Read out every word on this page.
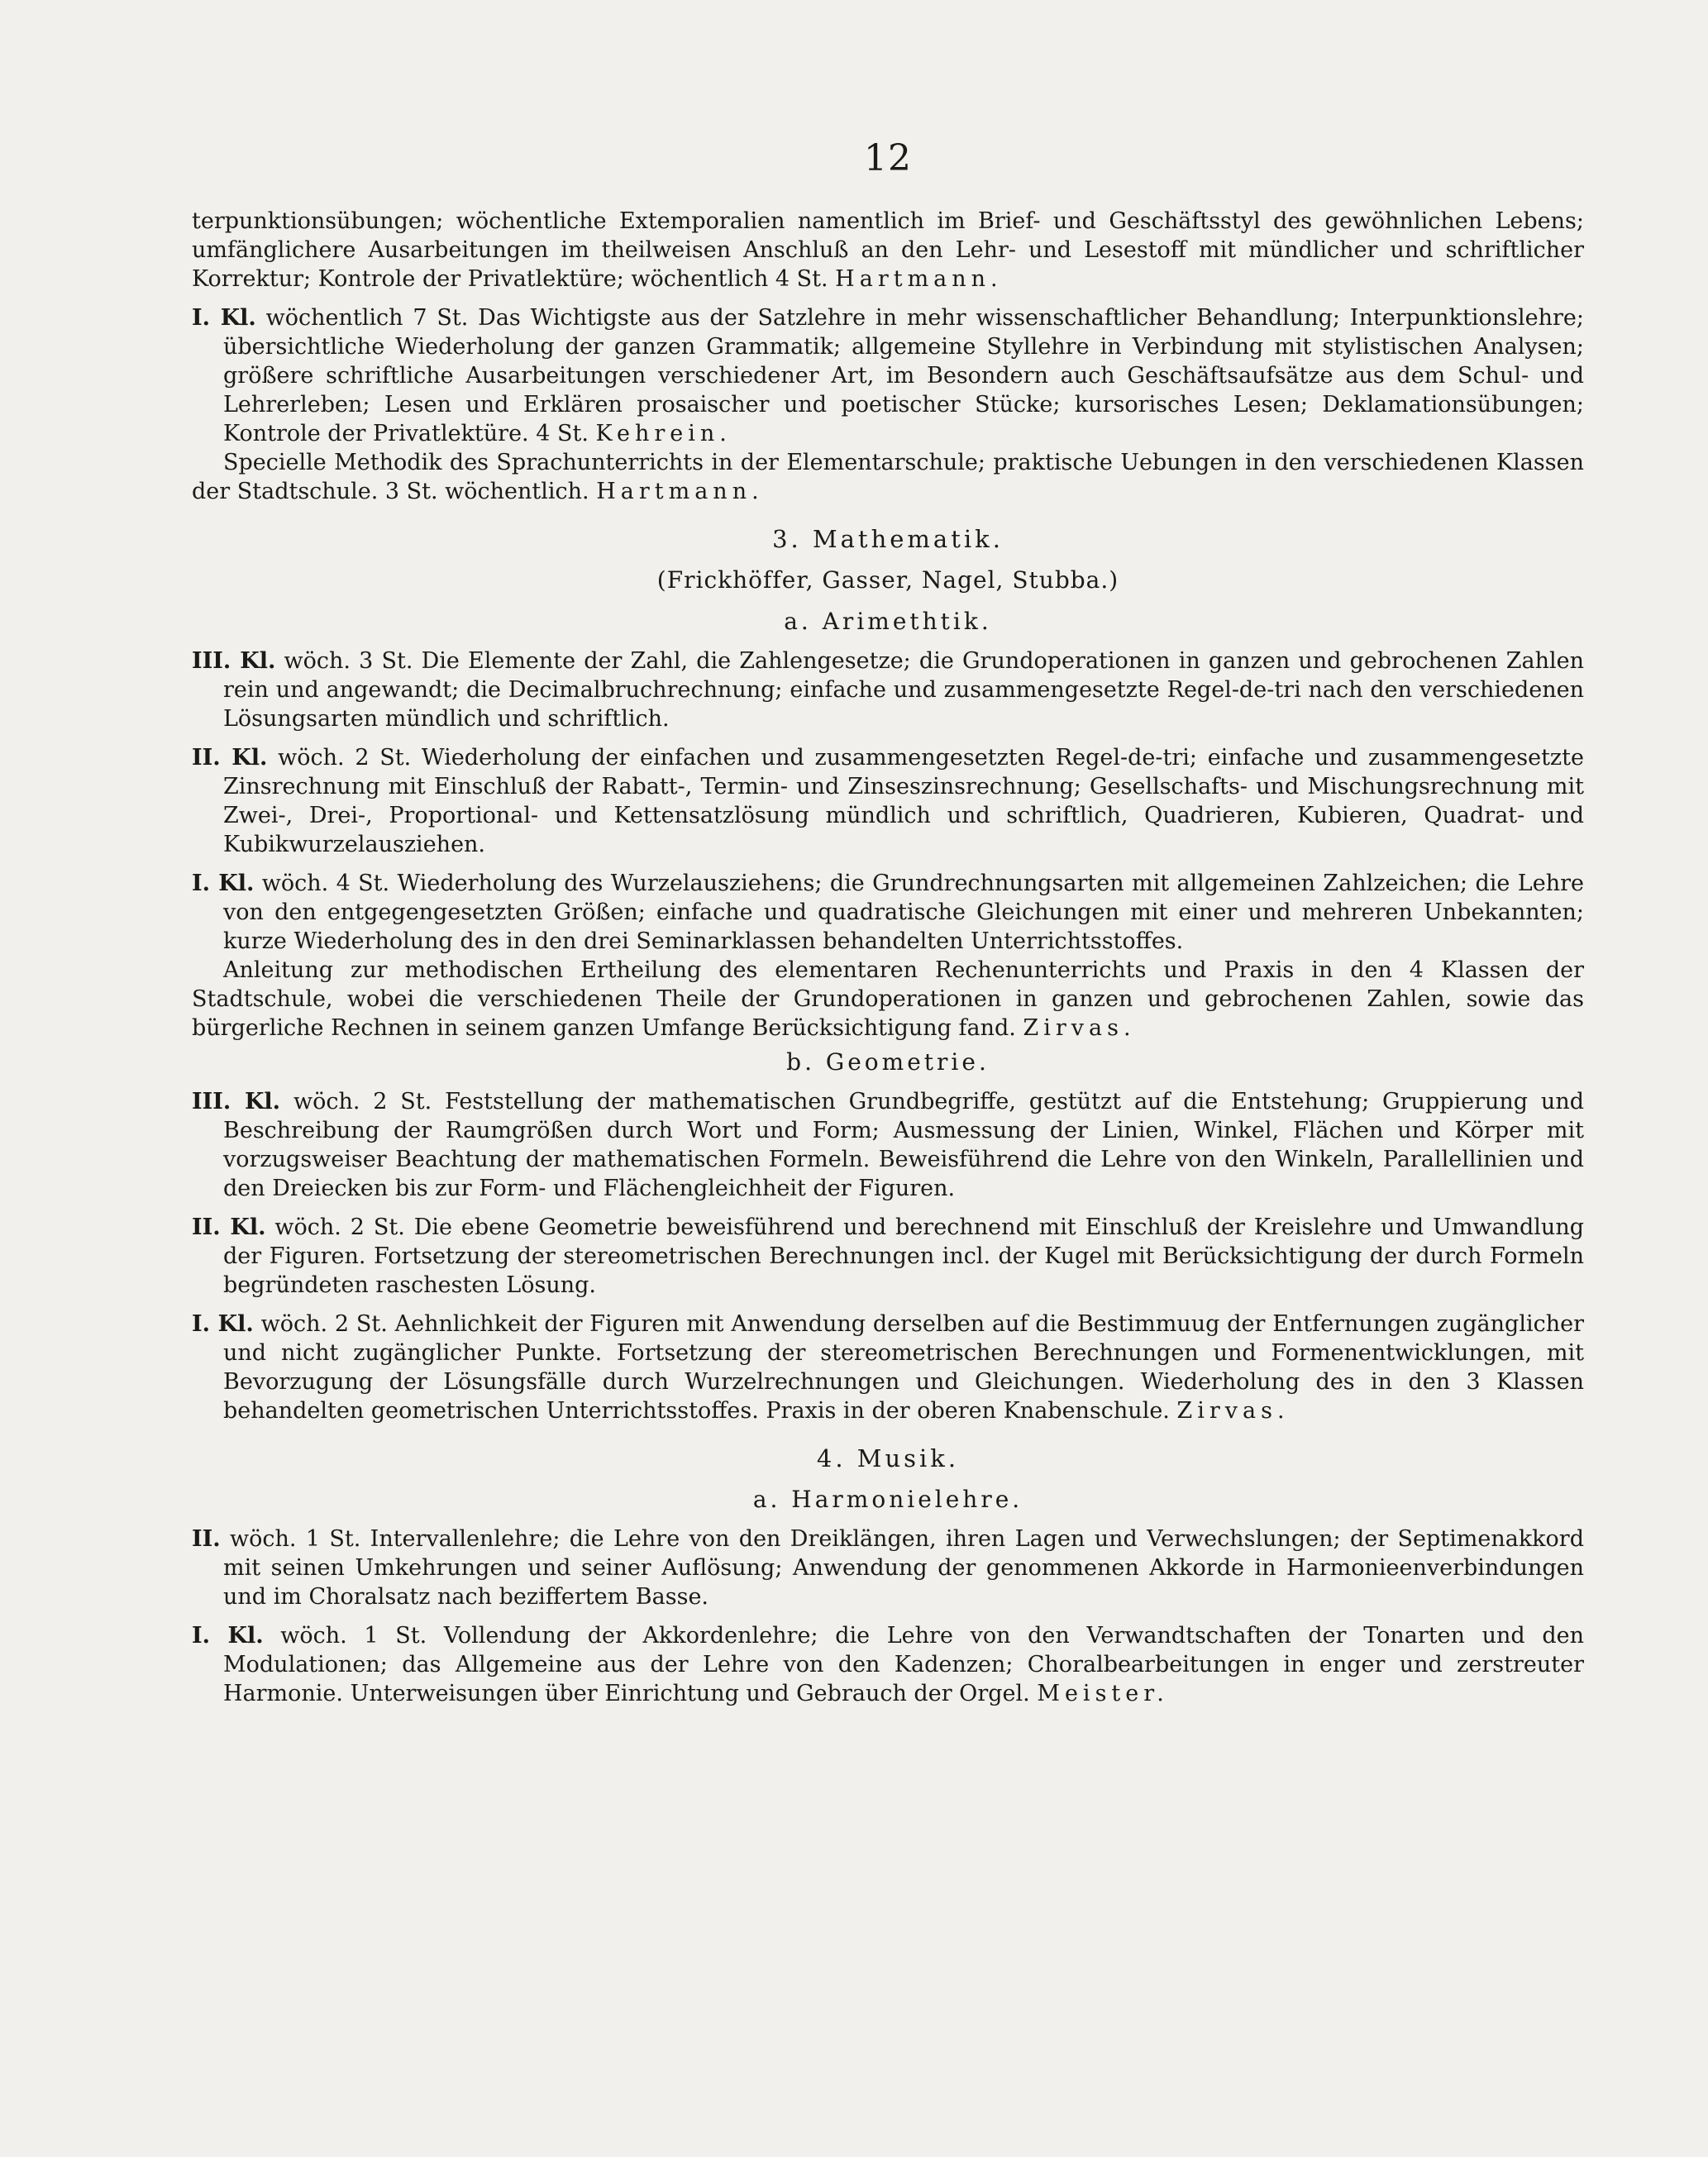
12

terpunktionsübungen; wöchentliche Extemporalien namentlich im Brief- und Geschäftsstyl des gewöhnlichen Lebens; umfänglichere Ausarbeitungen im theilweisen Anschluß an den Lehr- und Lesestoff mit mündlicher und schriftlicher Korrektur; Kontrole der Privatlektüre; wöchentlich 4 St. Hartmann.

I. Kl. wöchentlich 7 St. Das Wichtigste aus der Satzlehre in mehr wissenschaftlicher Behandlung; Interpunktionslehre; übersichtliche Wiederholung der ganzen Grammatik; allgemeine Styllehre in Verbindung mit stylistischen Analysen; größere schriftliche Ausarbeitungen verschiedener Art, im Besondern auch Geschäftsaufsätze aus dem Schul- und Lehrerleben; Lesen und Erklären prosaischer und poetischer Stücke; kursorisches Lesen; Deklamationsübungen; Kontrole der Privatlektüre. 4 St. Kehrein.

Specielle Methodik des Sprachunterrichts in der Elementarschule; praktische Uebungen in den verschiedenen Klassen der Stadtschule. 3 St. wöchentlich. Hartmann.

3. Mathematik.
(Frickhöffer, Gasser, Nagel, Stubba.)
a. Arimethtik.

III. Kl. wöch. 3 St. Die Elemente der Zahl, die Zahlengesetze; die Grundoperationen in ganzen und gebrochenen Zahlen rein und angewandt; die Decimalbruchrechnung; einfache und zusammengesetzte Regel-de-tri nach den verschiedenen Lösungsarten mündlich und schriftlich.

II. Kl. wöch. 2 St. Wiederholung der einfachen und zusammengesetzten Regel-de-tri; einfache und zusammengesetzte Zinsrechnung mit Einschluß der Rabatt-, Termin- und Zinseszinsrechnung; Gesellschafts- und Mischungsrechnung mit Zwei-, Drei-, Proportional- und Kettensatzlösung mündlich und schriftlich, Quadrieren, Kubieren, Quadrat- und Kubikwurzelausziehen.

I. Kl. wöch. 4 St. Wiederholung des Wurzelausziehens; die Grundrechnungsarten mit allgemeinen Zahlzeichen; die Lehre von den entgegengesetzten Größen; einfache und quadratische Gleichungen mit einer und mehreren Unbekannten; kurze Wiederholung des in den drei Seminarklassen behandelten Unterrichtsstoffes.

Anleitung zur methodischen Ertheilung des elementaren Rechenunterrichts und Praxis in den 4 Klassen der Stadtschule, wobei die verschiedenen Theile der Grundoperationen in ganzen und gebrochenen Zahlen, sowie das bürgerliche Rechnen in seinem ganzen Umfange Berücksichtigung fand. Zirvas.

b. Geometrie.

III. Kl. wöch. 2 St. Feststellung der mathematischen Grundbegriffe, gestützt auf die Entstehung; Gruppierung und Beschreibung der Raumgrößen durch Wort und Form; Ausmessung der Linien, Winkel, Flächen und Körper mit vorzugsweiser Beachtung der mathematischen Formeln. Beweisführend die Lehre von den Winkeln, Parallellinien und den Dreiecken bis zur Form- und Flächengleichheit der Figuren.

II. Kl. wöch. 2 St. Die ebene Geometrie beweisführend und berechnend mit Einschluß der Kreislehre und Umwandlung der Figuren. Fortsetzung der stereometrischen Berechnungen incl. der Kugel mit Berücksichtigung der durch Formeln begründeten raschesten Lösung.

I. Kl. wöch. 2 St. Aehnlichkeit der Figuren mit Anwendung derselben auf die Bestimmuug der Entfernungen zugänglicher und nicht zugänglicher Punkte. Fortsetzung der stereometrischen Berechnungen und Formenentwicklungen, mit Bevorzugung der Lösungsfälle durch Wurzelrechnungen und Gleichungen. Wiederholung des in den 3 Klassen behandelten geometrischen Unterrichtsstoffes. Praxis in der oberen Knabenschule. Zirvas.

4. Musik.
a. Harmonielehre.

II. wöch. 1 St. Intervallenlehre; die Lehre von den Dreiklängen, ihren Lagen und Verwechslungen; der Septimenakkord mit seinen Umkehrungen und seiner Auflösung; Anwendung der genommenen Akkorde in Harmonieenverbindungen und im Choralsatz nach beziffertem Basse.

I. Kl. wöch. 1 St. Vollendung der Akkordenlehre; die Lehre von den Verwandtschaften der Tonarten und den Modulationen; das Allgemeine aus der Lehre von den Kadenzen; Choralbearbeitungen in enger und zerstreuter Harmonie. Unterweisungen über Einrichtung und Gebrauch der Orgel. Meister.
